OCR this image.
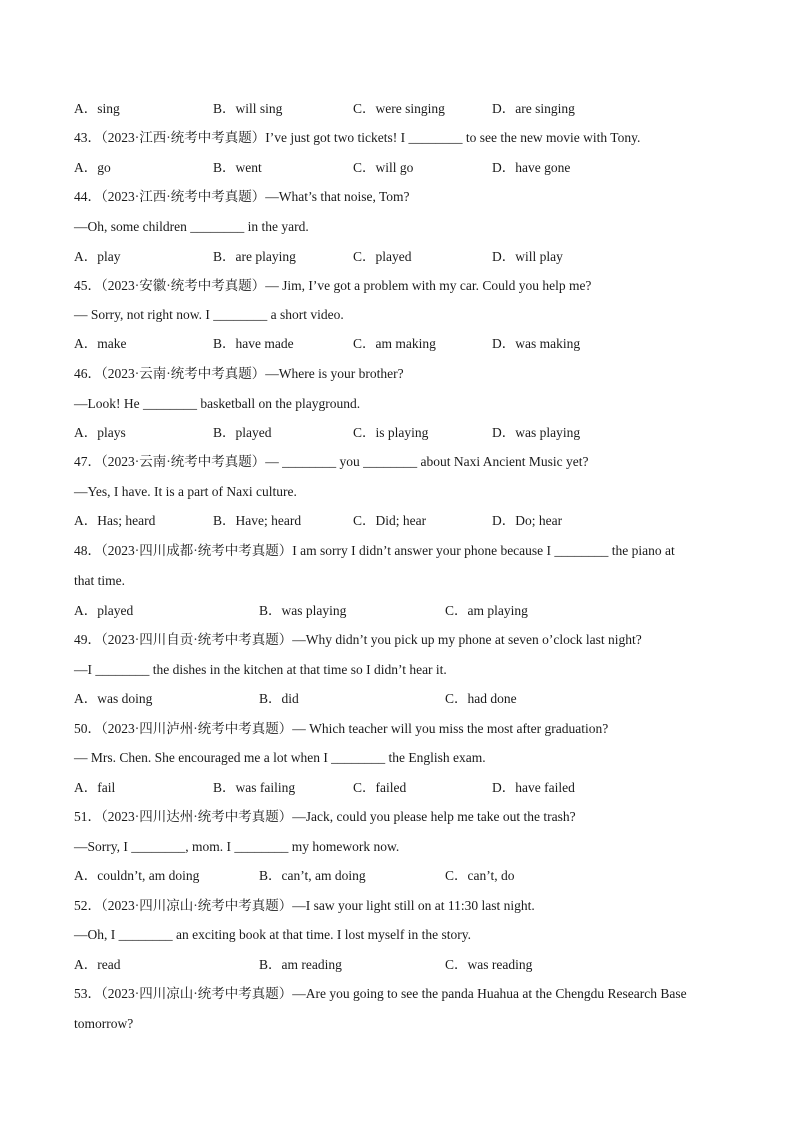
A．sing	B．will sing	C．were singing	D．are singing
43．（2023·江西·统考中考真题）I’ve just got two tickets! I ________ to see the new movie with Tony.
A．go	B．went	C．will go	D．have gone
44．（2023·江西·统考中考真题）—What’s that noise, Tom?
—Oh, some children ________ in the yard.
A．play	B．are playing	C．played	D．will play
45．（2023·安徽·统考中考真题）— Jim, I’ve got a problem with my car. Could you help me?
— Sorry, not right now. I ________ a short video.
A．make	B．have made	C．am making	D．was making
46．（2023·云南·统考中考真题）—Where is your brother?
—Look! He ________ basketball on the playground.
A．plays	B．played	C．is playing	D．was playing
47．（2023·云南·统考中考真题）— ________ you ________ about Naxi Ancient Music yet?
—Yes, I have. It is a part of Naxi culture.
A．Has; heard	B．Have; heard	C．Did; hear	D．Do; hear
48．（2023·四川成都·统考中考真题）I am sorry I didn’t answer your phone because I ________ the piano at
that time.
A．played	B．was playing	C．am playing
49．（2023·四川自贡·统考中考真题）—Why didn’t you pick up my phone at seven o’clock last night?
—I ________ the dishes in the kitchen at that time so I didn’t hear it.
A．was doing	B．did	C．had done
50．（2023·四川泸州·统考中考真题）— Which teacher will you miss the most after graduation?
— Mrs. Chen. She encouraged me a lot when I ________ the English exam.
A．fail	B．was failing	C．failed	D．have failed
51．（2023·四川达州·统考中考真题）—Jack, could you please help me take out the trash?
—Sorry, I ________, mom. I ________ my homework now.
A．couldn’t, am doing	B．can’t, am doing	C．can’t, do
52．（2023·四川凉山·统考中考真题）—I saw your light still on at 11:30 last night.
—Oh, I ________ an exciting book at that time. I lost myself in the story.
A．read	B．am reading	C．was reading
53．（2023·四川凉山·统考中考真题）—Are you going to see the panda Huahua at the Chengdu Research Base
tomorrow?
